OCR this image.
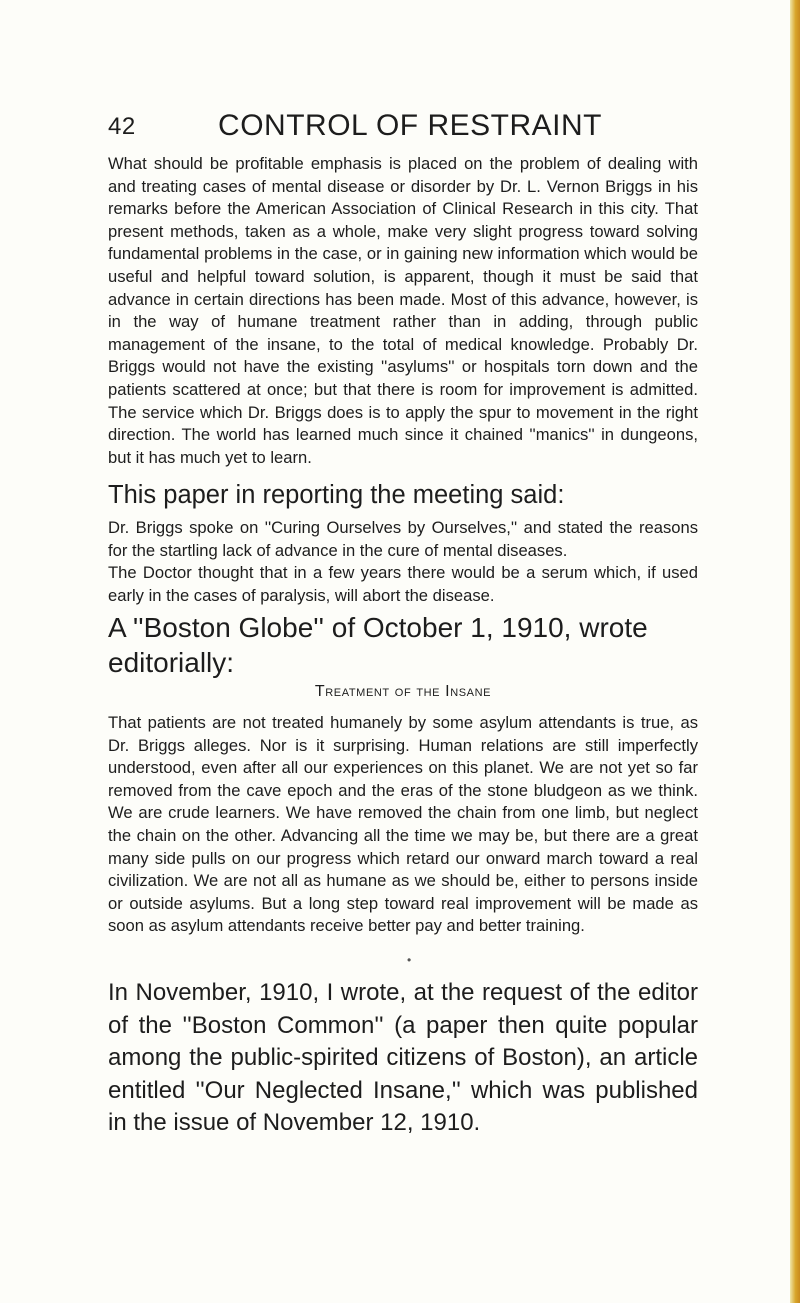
42	CONTROL OF RESTRAINT

What should be profitable emphasis is placed on the problem of dealing with and treating cases of mental disease or disorder by Dr. L. Vernon Briggs in his remarks before the American Association of Clinical Research in this city. That present methods, taken as a whole, make very slight progress toward solving fundamental problems in the case, or in gaining new information which would be useful and helpful toward solution, is apparent, though it must be said that advance in certain directions has been made. Most of this advance, however, is in the way of humane treatment rather than in adding, through public management of the insane, to the total of medical knowledge. Probably Dr. Briggs would not have the existing ''asylums'' or hospitals torn down and the patients scattered at once; but that there is room for improvement is admitted. The service which Dr. Briggs does is to apply the spur to movement in the right direction. The world has learned much since it chained ''manics'' in dungeons, but it has much yet to learn.

This paper in reporting the meeting said:

Dr. Briggs spoke on ''Curing Ourselves by Ourselves,'' and stated the reasons for the startling lack of advance in the cure of mental diseases.

The Doctor thought that in a few years there would be a serum which, if used early in the cases of paralysis, will abort the disease.

A ''Boston Globe'' of October 1, 1910, wrote editorially:
Treatment of the Insane

That patients are not treated humanely by some asylum attendants is true, as Dr. Briggs alleges. Nor is it surprising. Human relations are still imperfectly understood, even after all our experiences on this planet. We are not yet so far removed from the cave epoch and the eras of the stone bludgeon as we think. We are crude learners. We have removed the chain from one limb, but neglect the chain on the other. Advancing all the time we may be, but there are a great many side pulls on our progress which retard our onward march toward a real civilization. We are not all as humane as we should be, either to persons inside or outside asylums. But a long step toward real improvement will be made as soon as asylum attendants receive better pay and better training.

•

In November, 1910, I wrote, at the request of the editor of the ''Boston Common'' (a paper then quite popular among the public-spirited citizens of Boston), an article entitled ''Our Neglected Insane,'' which was published in the issue of November 12, 1910.
